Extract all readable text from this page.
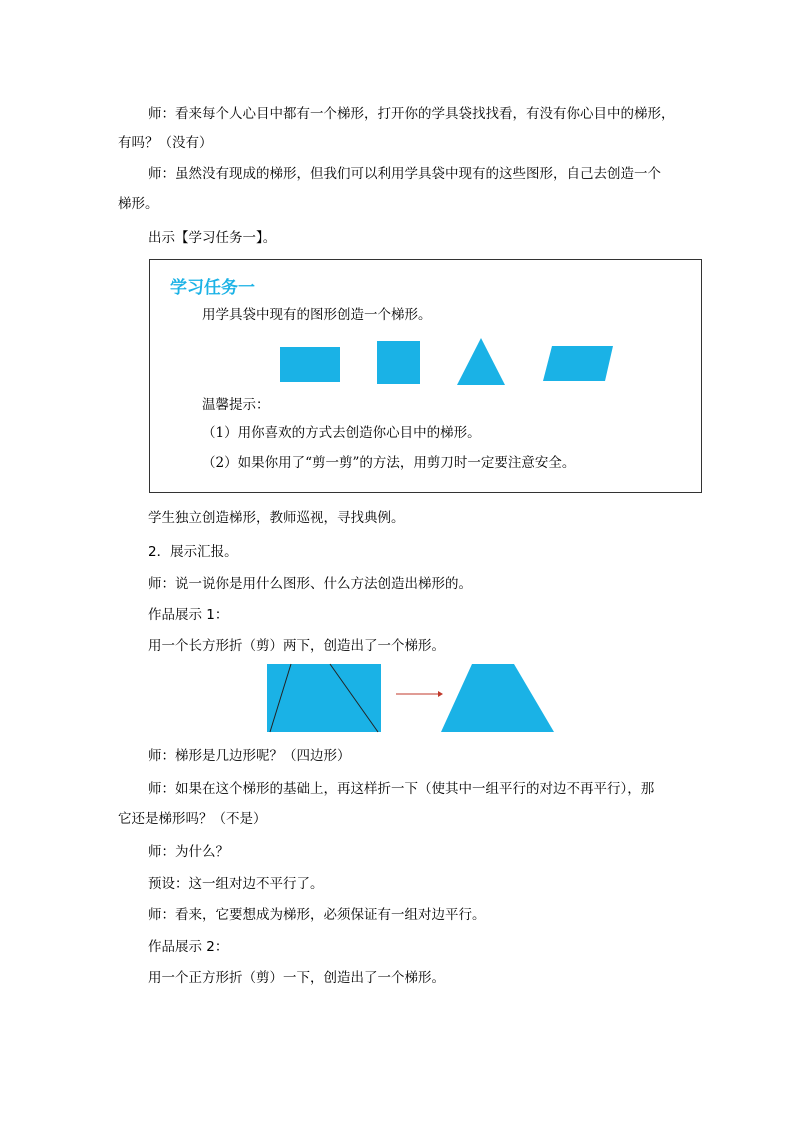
师：看来每个人心目中都有一个梯形，打开你的学具袋找找看，有没有你心目中的梯形，
有吗？（没有）
师：虽然没有现成的梯形，但我们可以利用学具袋中现有的这些图形，自己去创造一个
梯形。
出示【学习任务一】。
学习任务一
用学具袋中现有的图形创造一个梯形。
温馨提示：
（1）用你喜欢的方式去创造你心目中的梯形。
（2）如果你用了“剪一剪”的方法，用剪刀时一定要注意安全。
学生独立创造梯形，教师巡视，寻找典例。
2．展示汇报。
师：说一说你是用什么图形、什么方法创造出梯形的。
作品展示 1：
用一个长方形折（剪）两下，创造出了一个梯形。
师：梯形是几边形呢？（四边形）
师：如果在这个梯形的基础上，再这样折一下（使其中一组平行的对边不再平行），那
它还是梯形吗？（不是）
师：为什么？
预设：这一组对边不平行了。
师：看来，它要想成为梯形，必须保证有一组对边平行。
作品展示 2：
用一个正方形折（剪）一下，创造出了一个梯形。
